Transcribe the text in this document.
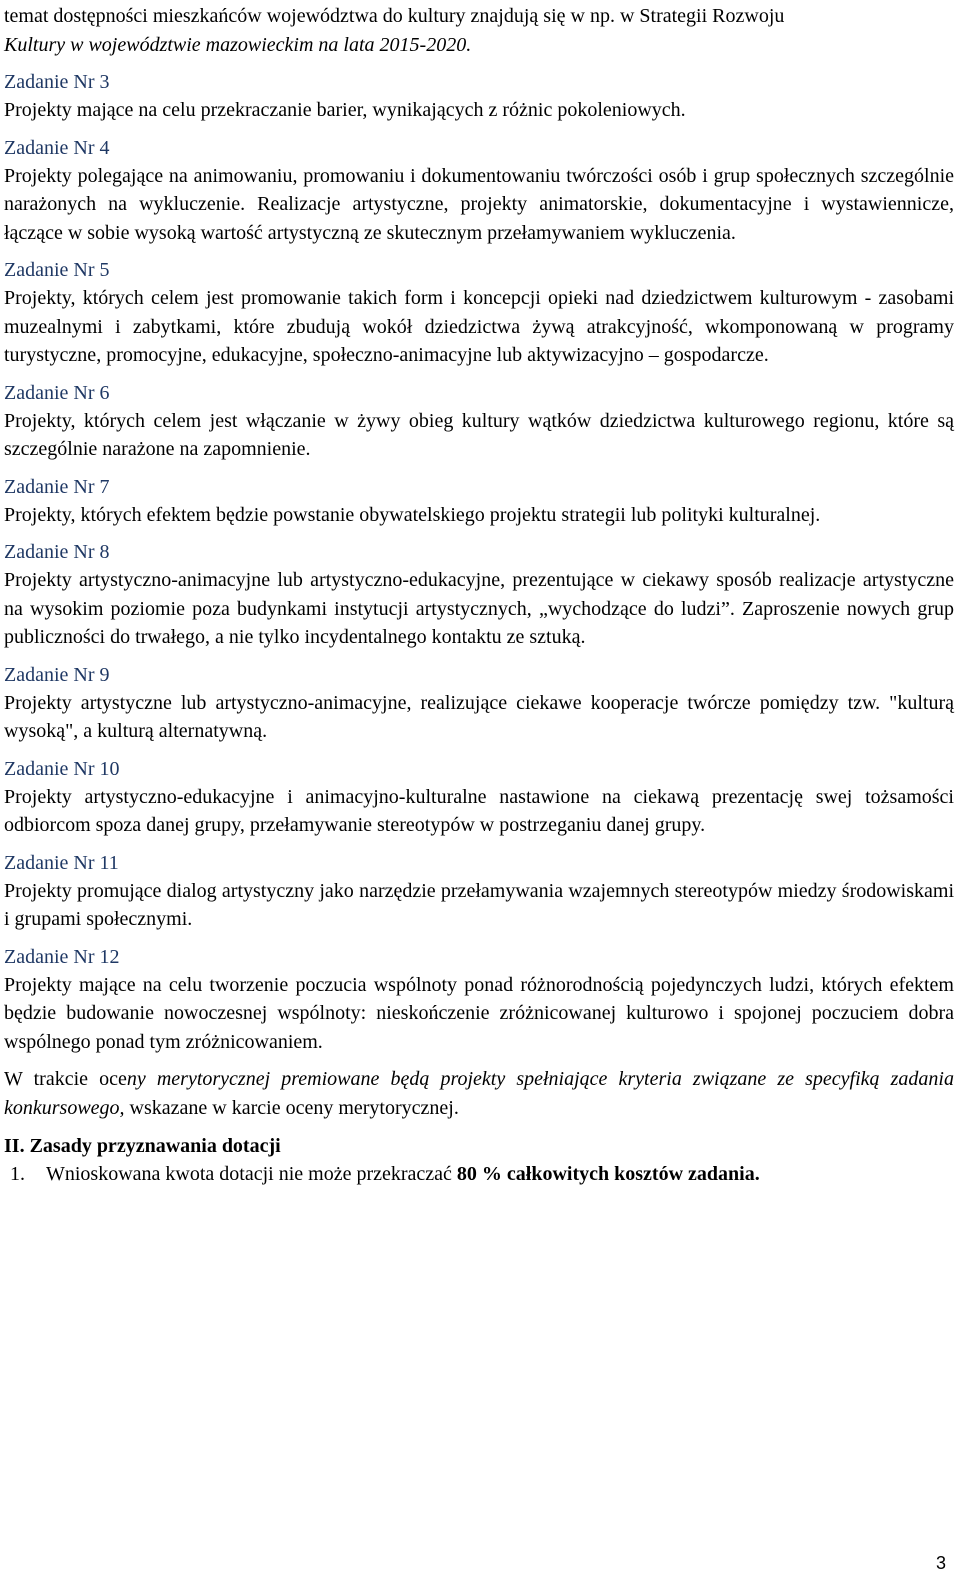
temat dostępności mieszkańców województwa do kultury znajdują się w np. w Strategii Rozwoju
Kultury w województwie mazowieckim na lata 2015-2020.

Zadanie Nr 3

Projekty mające na celu przekraczanie barier, wynikających z różnic pokoleniowych.

Zadanie Nr 4

Projekty polegające na animowaniu, promowaniu i dokumentowaniu twórczości osób i grup społecznych szczególnie narażonych na wykluczenie. Realizacje artystyczne, projekty animatorskie, dokumentacyjne i wystawiennicze, łączące w sobie wysoką wartość artystyczną ze skutecznym przełamywaniem wykluczenia.

Zadanie Nr 5

Projekty, których celem jest promowanie takich form i koncepcji opieki nad dziedzictwem kulturowym - zasobami muzealnymi i zabytkami, które zbudują wokół dziedzictwa żywą atrakcyjność, wkomponowaną w programy turystyczne, promocyjne, edukacyjne, społeczno-animacyjne lub aktywizacyjno – gospodarcze.

Zadanie Nr 6

Projekty, których celem jest włączanie w żywy obieg kultury wątków dziedzictwa kulturowego regionu, które są szczególnie narażone na zapomnienie.

Zadanie Nr 7

Projekty, których efektem będzie powstanie obywatelskiego projektu strategii lub polityki kulturalnej.

Zadanie Nr 8

Projekty artystyczno-animacyjne lub artystyczno-edukacyjne, prezentujące w ciekawy sposób realizacje artystyczne na wysokim poziomie poza budynkami instytucji artystycznych, „wychodzące do ludzi”. Zaproszenie nowych grup publiczności do trwałego, a nie tylko incydentalnego kontaktu ze sztuką.

Zadanie Nr 9

Projekty artystyczne lub artystyczno-animacyjne, realizujące ciekawe kooperacje twórcze pomiędzy tzw. "kulturą wysoką", a kulturą alternatywną.

Zadanie Nr 10

Projekty artystyczno-edukacyjne i animacyjno-kulturalne nastawione na ciekawą prezentację swej tożsamości odbiorcom spoza danej grupy, przełamywanie stereotypów w postrzeganiu danej grupy.

Zadanie Nr 11

Projekty promujące dialog artystyczny jako narzędzie przełamywania wzajemnych stereotypów miedzy środowiskami i grupami społecznymi.

Zadanie Nr 12

Projekty mające na celu tworzenie poczucia wspólnoty ponad różnorodnością pojedynczych ludzi, których efektem będzie budowanie nowoczesnej wspólnoty: nieskończenie zróżnicowanej kulturowo i spojonej poczuciem dobra wspólnego ponad tym zróżnicowaniem.

W trakcie oceny merytorycznej premiowane będą projekty spełniające kryteria związane ze specyfiką zadania konkursowego, wskazane w karcie oceny merytorycznej.

II. Zasady przyznawania dotacji

1.	Wnioskowana kwota dotacji nie może przekraczać 80 % całkowitych kosztów zadania.
3
